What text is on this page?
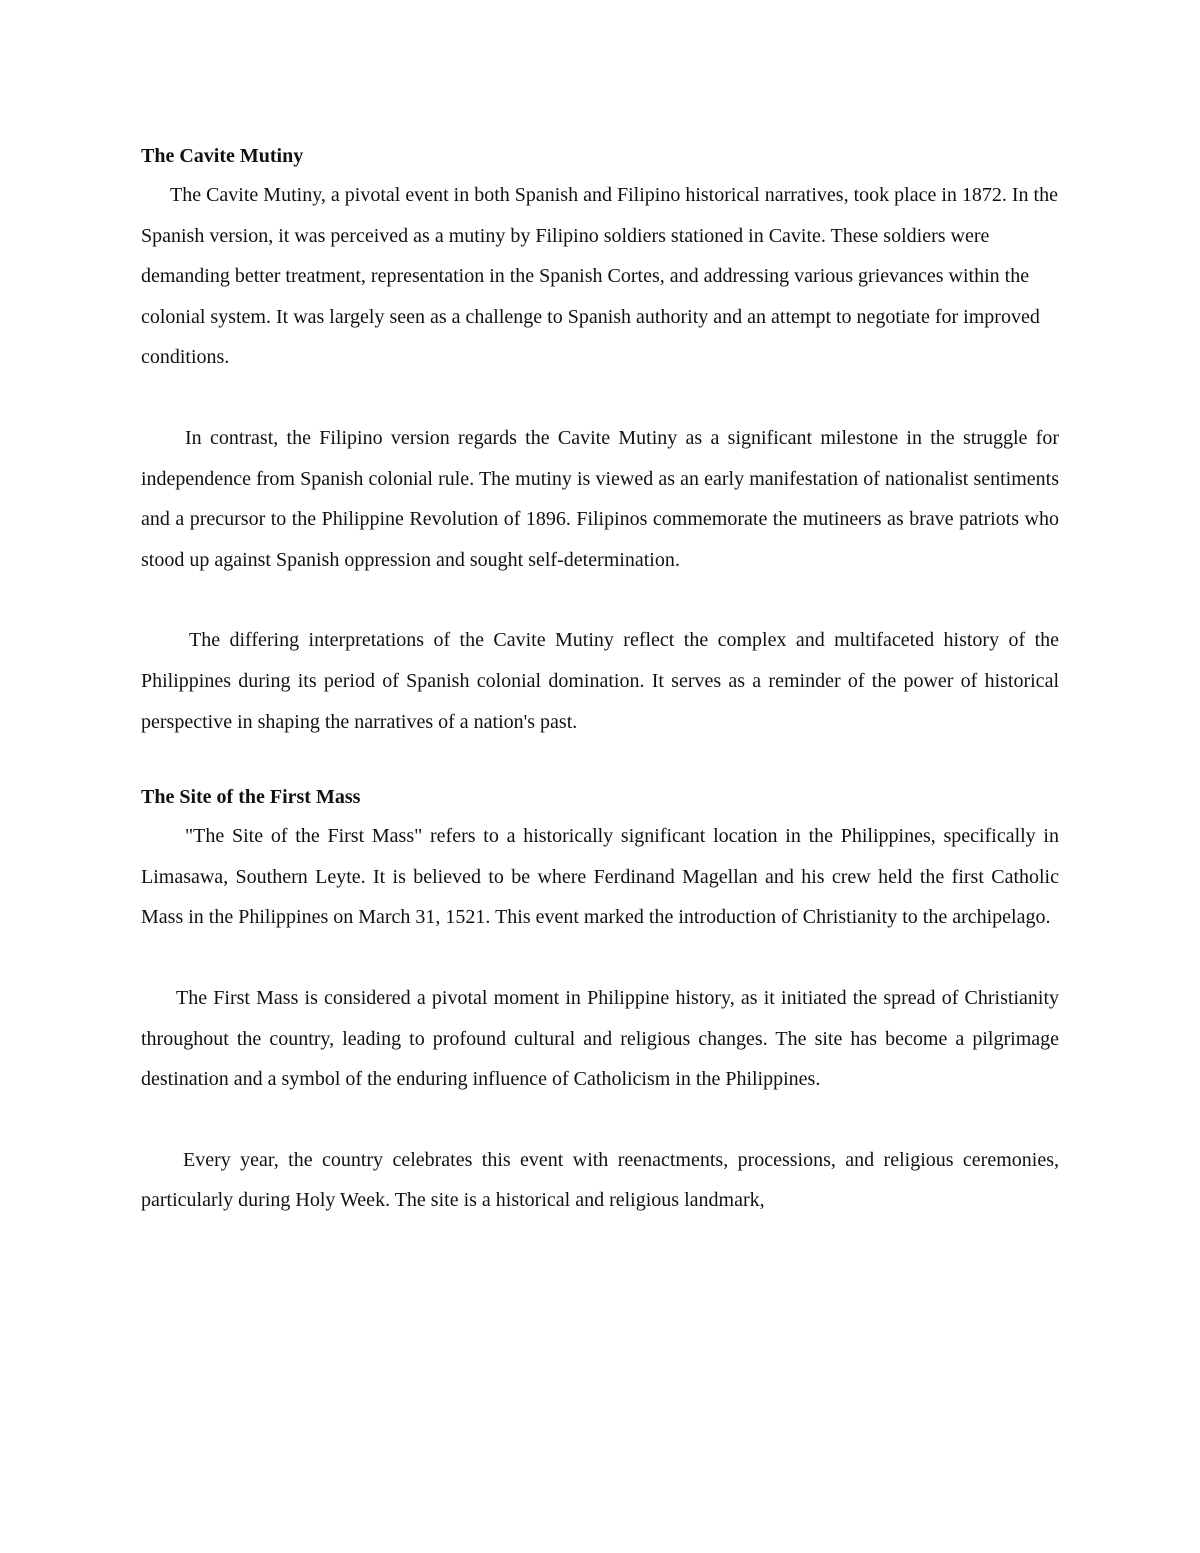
The Cavite Mutiny

The Cavite Mutiny, a pivotal event in both Spanish and Filipino historical narratives, took place in 1872. In the Spanish version, it was perceived as a mutiny by Filipino soldiers stationed in Cavite. These soldiers were demanding better treatment, representation in the Spanish Cortes, and addressing various grievances within the colonial system. It was largely seen as a challenge to Spanish authority and an attempt to negotiate for improved conditions.

In contrast, the Filipino version regards the Cavite Mutiny as a significant milestone in the struggle for independence from Spanish colonial rule. The mutiny is viewed as an early manifestation of nationalist sentiments and a precursor to the Philippine Revolution of 1896. Filipinos commemorate the mutineers as brave patriots who stood up against Spanish oppression and sought self-determination.

The differing interpretations of the Cavite Mutiny reflect the complex and multifaceted history of the Philippines during its period of Spanish colonial domination. It serves as a reminder of the power of historical perspective in shaping the narratives of a nation's past.

The Site of the First Mass

"The Site of the First Mass" refers to a historically significant location in the Philippines, specifically in Limasawa, Southern Leyte. It is believed to be where Ferdinand Magellan and his crew held the first Catholic Mass in the Philippines on March 31, 1521. This event marked the introduction of Christianity to the archipelago.

The First Mass is considered a pivotal moment in Philippine history, as it initiated the spread of Christianity throughout the country, leading to profound cultural and religious changes. The site has become a pilgrimage destination and a symbol of the enduring influence of Catholicism in the Philippines.

Every year, the country celebrates this event with reenactments, processions, and religious ceremonies, particularly during Holy Week. The site is a historical and religious landmark,
